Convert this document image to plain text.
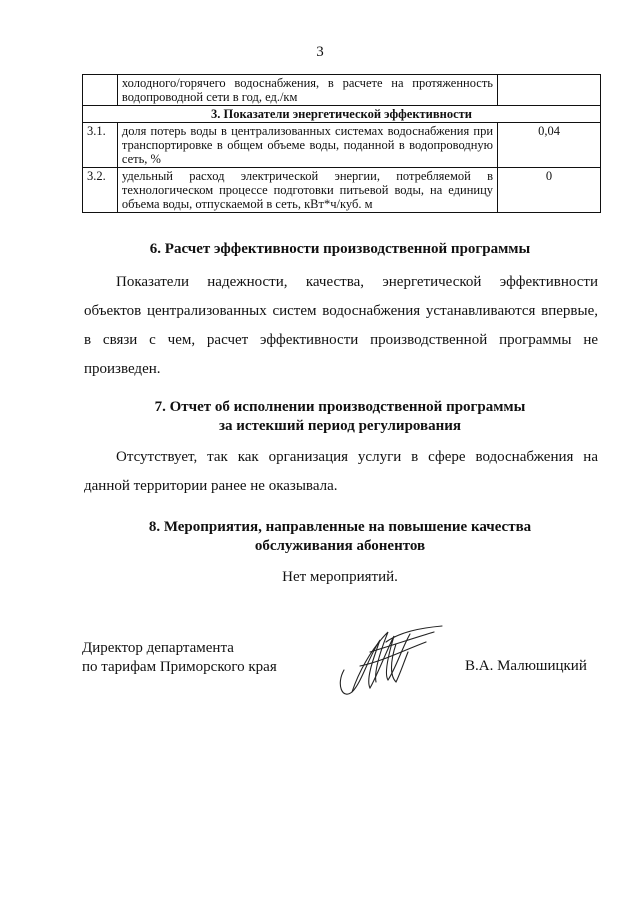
3
	холодного/горячего водоснабжения, в расчете на протяженность водопроводной сети в год, ед./км	
3. Показатели энергетической эффективности		
3.1.	доля потерь воды в централизованных системах водоснабжения при транспортировке в общем объеме воды, поданной в водопроводную сеть, %	0,04
3.2.	удельный расход электрической энергии, потребляемой в технологическом процессе подготовки питьевой воды, на единицу объема воды, отпускаемой в сеть, кВт*ч/куб. м	0
6. Расчет эффективности производственной программы
Показатели надежности, качества, энергетической эффективности объектов централизованных систем водоснабжения устанавливаются впервые, в связи с чем, расчет эффективности производственной программы не произведен.
7. Отчет об исполнении производственной программы
за истекший период регулирования
Отсутствует, так как организация услуги в сфере водоснабжения на данной территории ранее не оказывала.
8. Мероприятия, направленные на повышение качества
обслуживания абонентов
Нет мероприятий.
Директор департамента
по тарифам Приморского края	В.А. Малюшицкий
